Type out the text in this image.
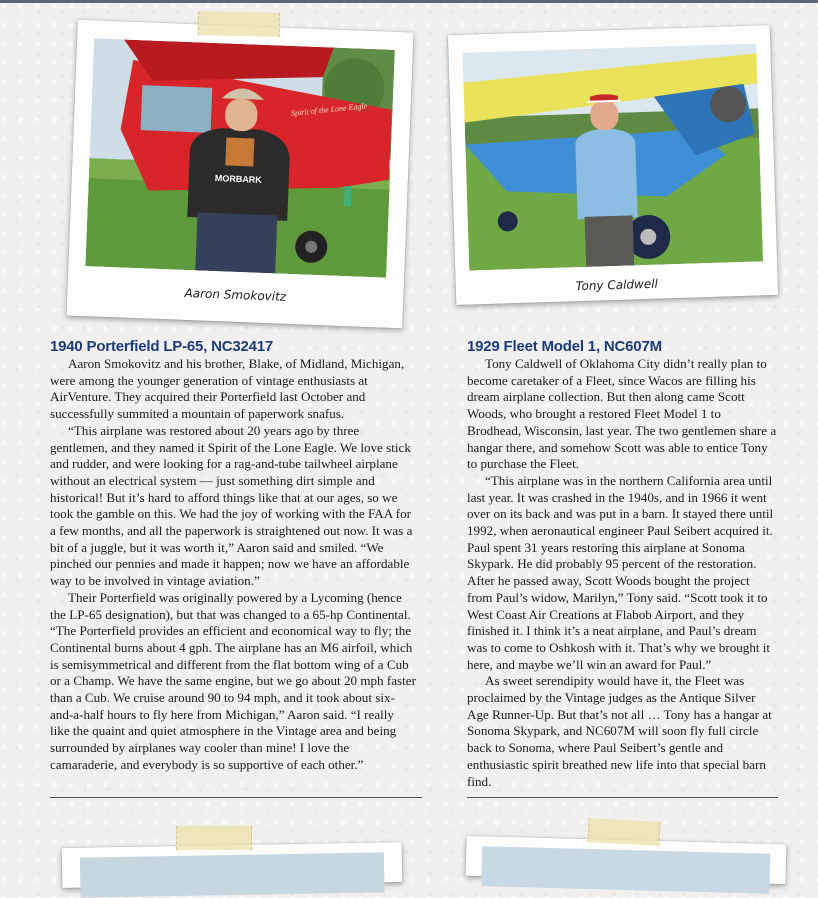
MORBARK
Spirit of the Lone Eagle
Aaron Smokovitz
Tony Caldwell
1940 Porterfield LP-65, NC32417

Aaron Smokovitz and his brother, Blake, of Midland, Michigan, were among the younger generation of vintage enthusiasts at AirVenture. They acquired their Porterfield last October and successfully summited a mountain of paperwork snafus.

“This airplane was restored about 20 years ago by three gentlemen, and they named it Spirit of the Lone Eagle. We love stick and rudder, and were looking for a rag-and-tube tailwheel airplane without an electrical system — just something dirt simple and historical! But it’s hard to afford things like that at our ages, so we took the gamble on this. We had the joy of working with the FAA for a few months, and all the paperwork is straightened out now. It was a bit of a juggle, but it was worth it,” Aaron said and smiled. “We pinched our pennies and made it happen; now we have an affordable way to be involved in vintage aviation.”

Their Porterfield was originally powered by a Lycoming (hence the LP-65 designation), but that was changed to a 65-hp Continental. “The Porterfield provides an efficient and economical way to fly; the Continental burns about 4 gph. The airplane has an M6 airfoil, which is semisymmetrical and different from the flat bottom wing of a Cub or a Champ. We have the same engine, but we go about 20 mph faster than a Cub. We cruise around 90 to 94 mph, and it took about six-and-a-half hours to fly here from Michigan,” Aaron said. “I really like the quaint and quiet atmosphere in the Vintage area and being surrounded by airplanes way cooler than mine! I love the camaraderie, and everybody is so supportive of each other.”

1929 Fleet Model 1, NC607M

Tony Caldwell of Oklahoma City didn’t really plan to become caretaker of a Fleet, since Wacos are filling his dream airplane collection. But then along came Scott Woods, who brought a restored Fleet Model 1 to Brodhead, Wisconsin, last year. The two gentlemen share a hangar there, and somehow Scott was able to entice Tony to purchase the Fleet.

“This airplane was in the northern California area until last year. It was crashed in the 1940s, and in 1966 it went over on its back and was put in a barn. It stayed there until 1992, when aeronautical engineer Paul Seibert acquired it. Paul spent 31 years restoring this airplane at Sonoma Skypark. He did probably 95 percent of the restoration. After he passed away, Scott Woods bought the project from Paul’s widow, Marilyn,” Tony said. “Scott took it to West Coast Air Creations at Flabob Airport, and they finished it. I think it’s a neat airplane, and Paul’s dream was to come to Oshkosh with it. That’s why we brought it here, and maybe we’ll win an award for Paul.”

As sweet serendipity would have it, the Fleet was proclaimed by the Vintage judges as the Antique Silver Age Runner-Up. But that’s not all … Tony has a hangar at Sonoma Skypark, and NC607M will soon fly full circle back to Sonoma, where Paul Seibert’s gentle and enthusiastic spirit breathed new life into that special barn find.
